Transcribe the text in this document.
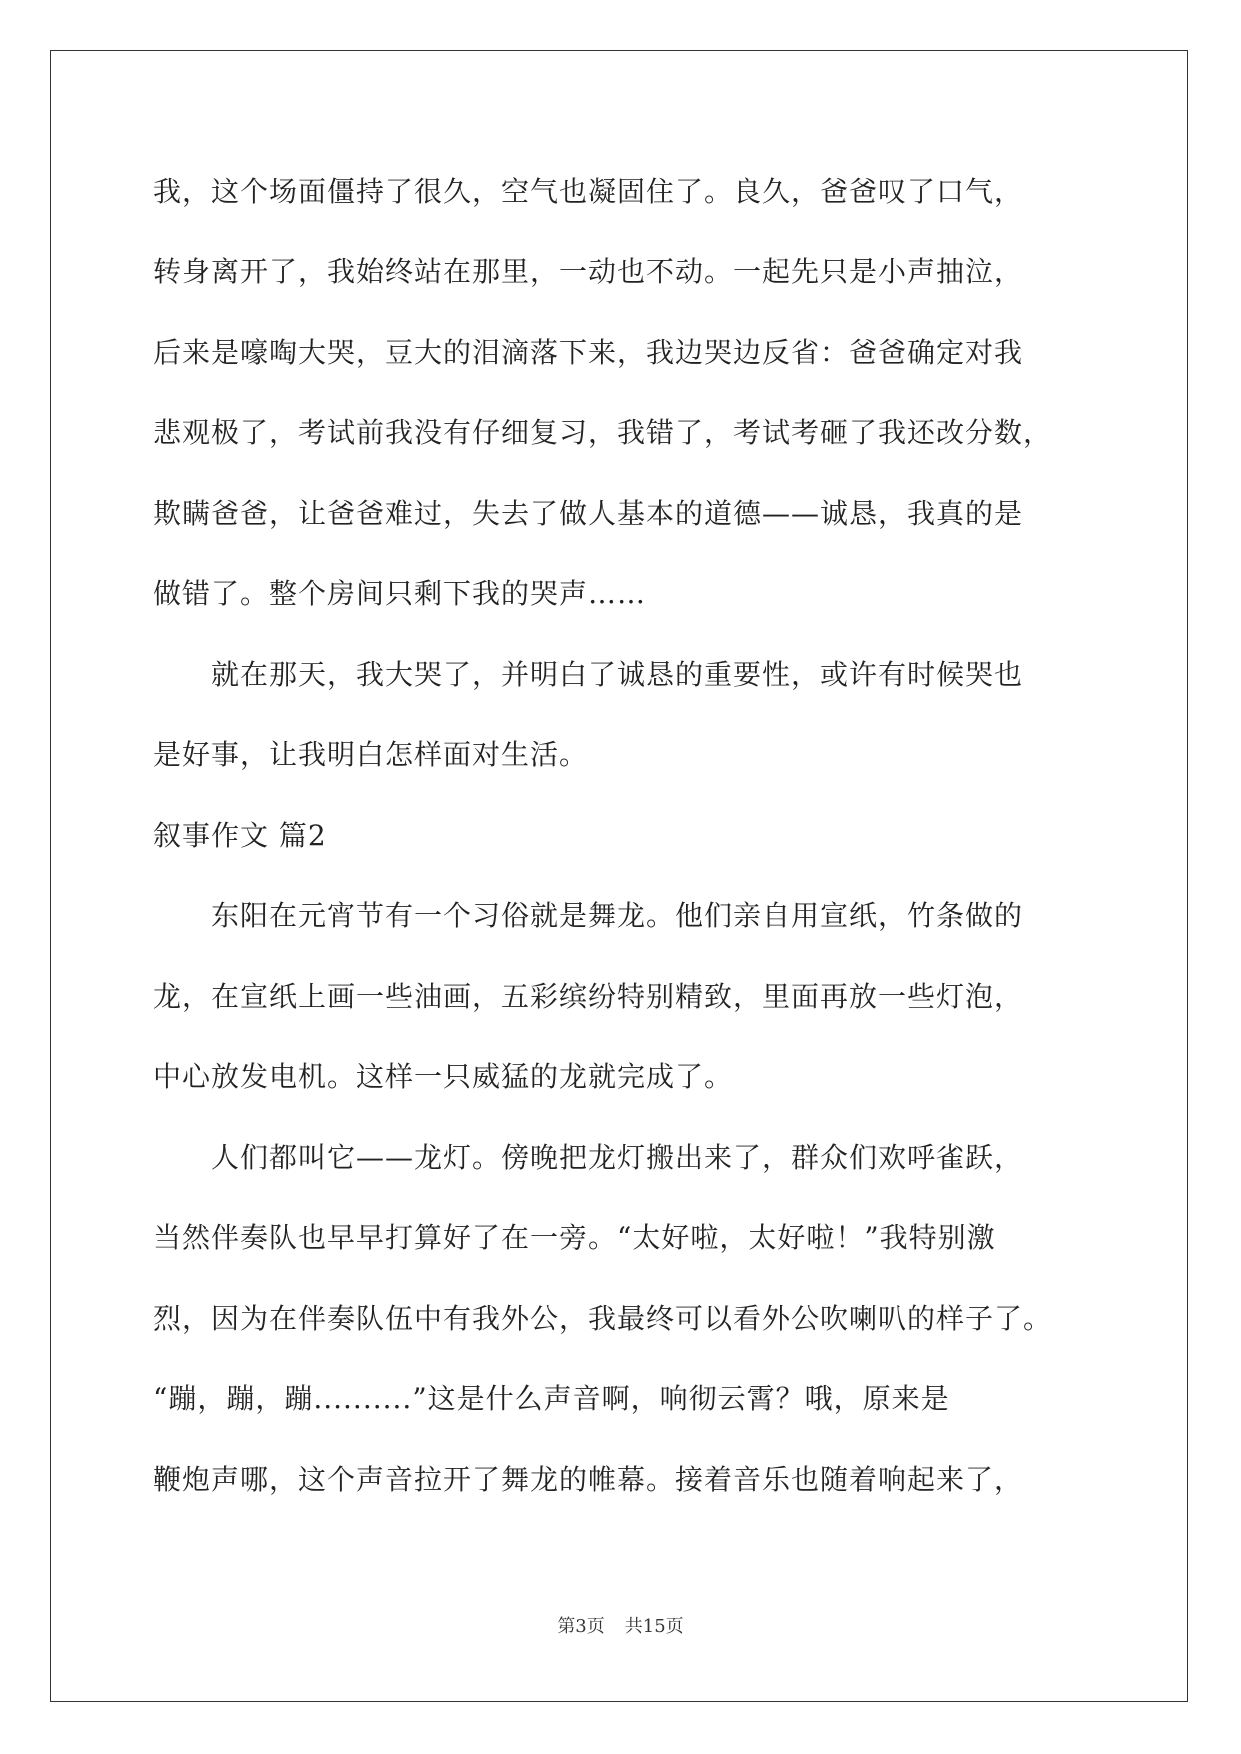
我，这个场面僵持了很久，空气也凝固住了。良久，爸爸叹了口气，
转身离开了，我始终站在那里，一动也不动。一起先只是小声抽泣，
后来是嚎啕大哭，豆大的泪滴落下来，我边哭边反省：爸爸确定对我
悲观极了，考试前我没有仔细复习，我错了，考试考砸了我还改分数，
欺瞒爸爸，让爸爸难过，失去了做人基本的道德——诚恳，我真的是
做错了。整个房间只剩下我的哭声……
就在那天，我大哭了，并明白了诚恳的重要性，或许有时候哭也
是好事，让我明白怎样面对生活。
叙事作文 篇2
东阳在元宵节有一个习俗就是舞龙。他们亲自用宣纸，竹条做的
龙，在宣纸上画一些油画，五彩缤纷特别精致，里面再放一些灯泡，
中心放发电机。这样一只威猛的龙就完成了。
人们都叫它——龙灯。傍晚把龙灯搬出来了，群众们欢呼雀跃，
当然伴奏队也早早打算好了在一旁。“太好啦，太好啦！”我特别激
烈，因为在伴奏队伍中有我外公，我最终可以看外公吹喇叭的样子了。
“蹦，蹦，蹦..........”这是什么声音啊，响彻云霄？哦，原来是
鞭炮声哪，这个声音拉开了舞龙的帷幕。接着音乐也随着响起来了，
第3页 共15页
